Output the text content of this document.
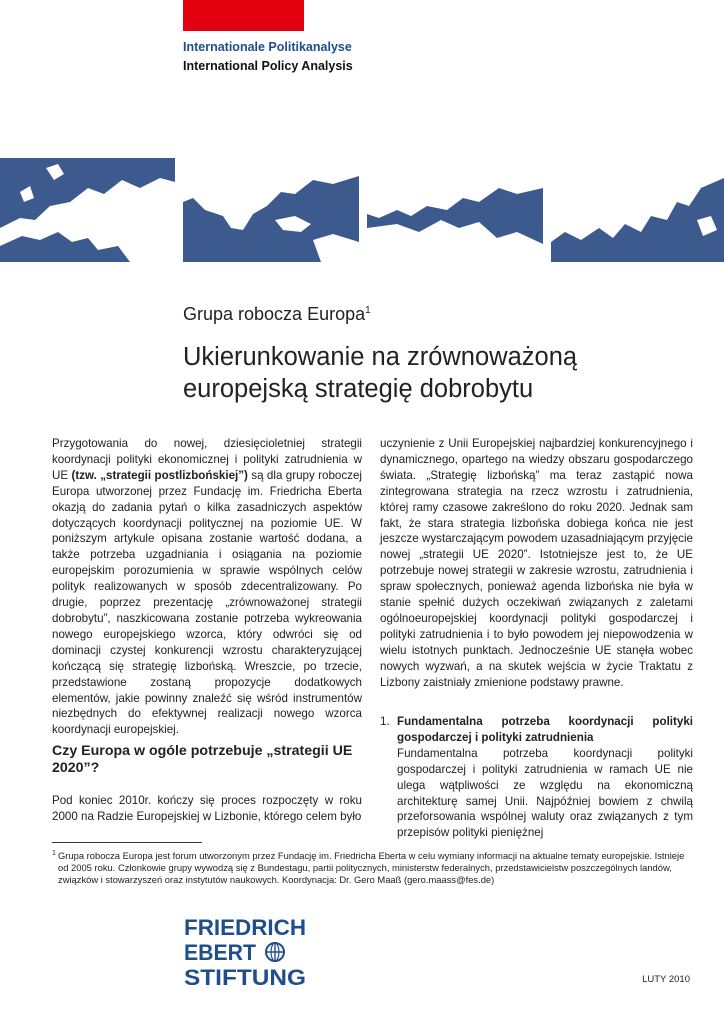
Internationale Politikanalyse
International Policy Analysis
Grupa robocza Europa$^1$
Ukierunkowanie na zrównoważoną
europejską strategię dobrobytu

Przygotowania do nowej, dziesięcioletniej strategii koordynacji polityki ekonomicznej i polityki zatrudnienia w UE (tzw. „strategii postlizbońskiej”) są dla grupy roboczej Europa utworzonej przez Fundację im. Friedricha Eberta okazją do zadania pytań o kilka zasadniczych aspektów dotyczących koordynacji politycznej na poziomie UE. W poniższym artykule opisana zostanie wartość dodana, a także potrzeba uzgadniania i osiągania na poziomie europejskim porozumienia w sprawie wspólnych celów polityk realizowanych w sposób zdecentralizowany. Po drugie, poprzez prezentację „zrównoważonej strategii dobrobytu”, naszkicowana zostanie potrzeba wykreowania nowego europejskiego wzorca, który odwróci się od dominacji czystej konkurencji wzrostu charakteryzującej kończącą się strategię lizbońską. Wreszcie, po trzecie, przedstawione zostaną propozycje dodatkowych elementów, jakie powinny znaleźć się wśród instrumentów niezbędnych do efektywnej realizacji nowego wzorca koordynacji europejskiej.

Czy Europa w ogóle potrzebuje „strategii UE 2020”?

Pod koniec 2010r. kończy się proces rozpoczęty w roku 2000 na Radzie Europejskiej w Lizbonie, którego celem było

uczynienie z Unii Europejskiej najbardziej konkurencyjnego i dynamicznego, opartego na wiedzy obszaru gospodarczego świata. „Strategię lizbońską” ma teraz zastąpić nowa zintegrowana strategia na rzecz wzrostu i zatrudnienia, której ramy czasowe zakreślono do roku 2020. Jednak sam fakt, że stara strategia lizbońska dobiega końca nie jest jeszcze wystarczającym powodem uzasadniającym przyjęcie nowej „strategii UE 2020”. Istotniejsze jest to, że UE potrzebuje nowej strategii w zakresie wzrostu, zatrudnienia i spraw społecznych, ponieważ agenda lizbońska nie była w stanie spełnić dużych oczekiwań związanych z zaletami ogólnoeuropejskiej koordynacji polityki gospodarczej i polityki zatrudnienia i to było powodem jej niepowodzenia w wielu istotnych punktach. Jednocześnie UE stanęła wobec nowych wyzwań, a na skutek wejścia w życie Traktatu z Lizbony zaistniały zmienione podstawy prawne.

1. Fundamentalna potrzeba koordynacji polityki gospodarczej i polityki zatrudnienia
Fundamentalna potrzeba koordynacji polityki gospodarczej i polityki zatrudnienia w ramach UE nie ulega wątpliwości ze względu na ekonomiczną architekturę samej Unii. Najpóźniej bowiem z chwilą przeforsowania wspólnej waluty oraz związanych z tym przepisów polityki pieniężnej
1 Grupa robocza Europa jest forum utworzonym przez Fundację im. Friedricha Eberta w celu wymiany informacji na aktualne tematy europejskie. Istnieje od 2005 roku. Członkowie grupy wywodzą się z Bundestagu, partii politycznych, ministerstw federalnych, przedstawicielstw poszczególnych landów, związków i stowarzyszeń oraz instytutów naukowych. Koordynacja: Dr. Gero Maaß (gero.maass@fes.de)
FRIEDRICH
EBERT
STIFTUNG	LUTY 2010
